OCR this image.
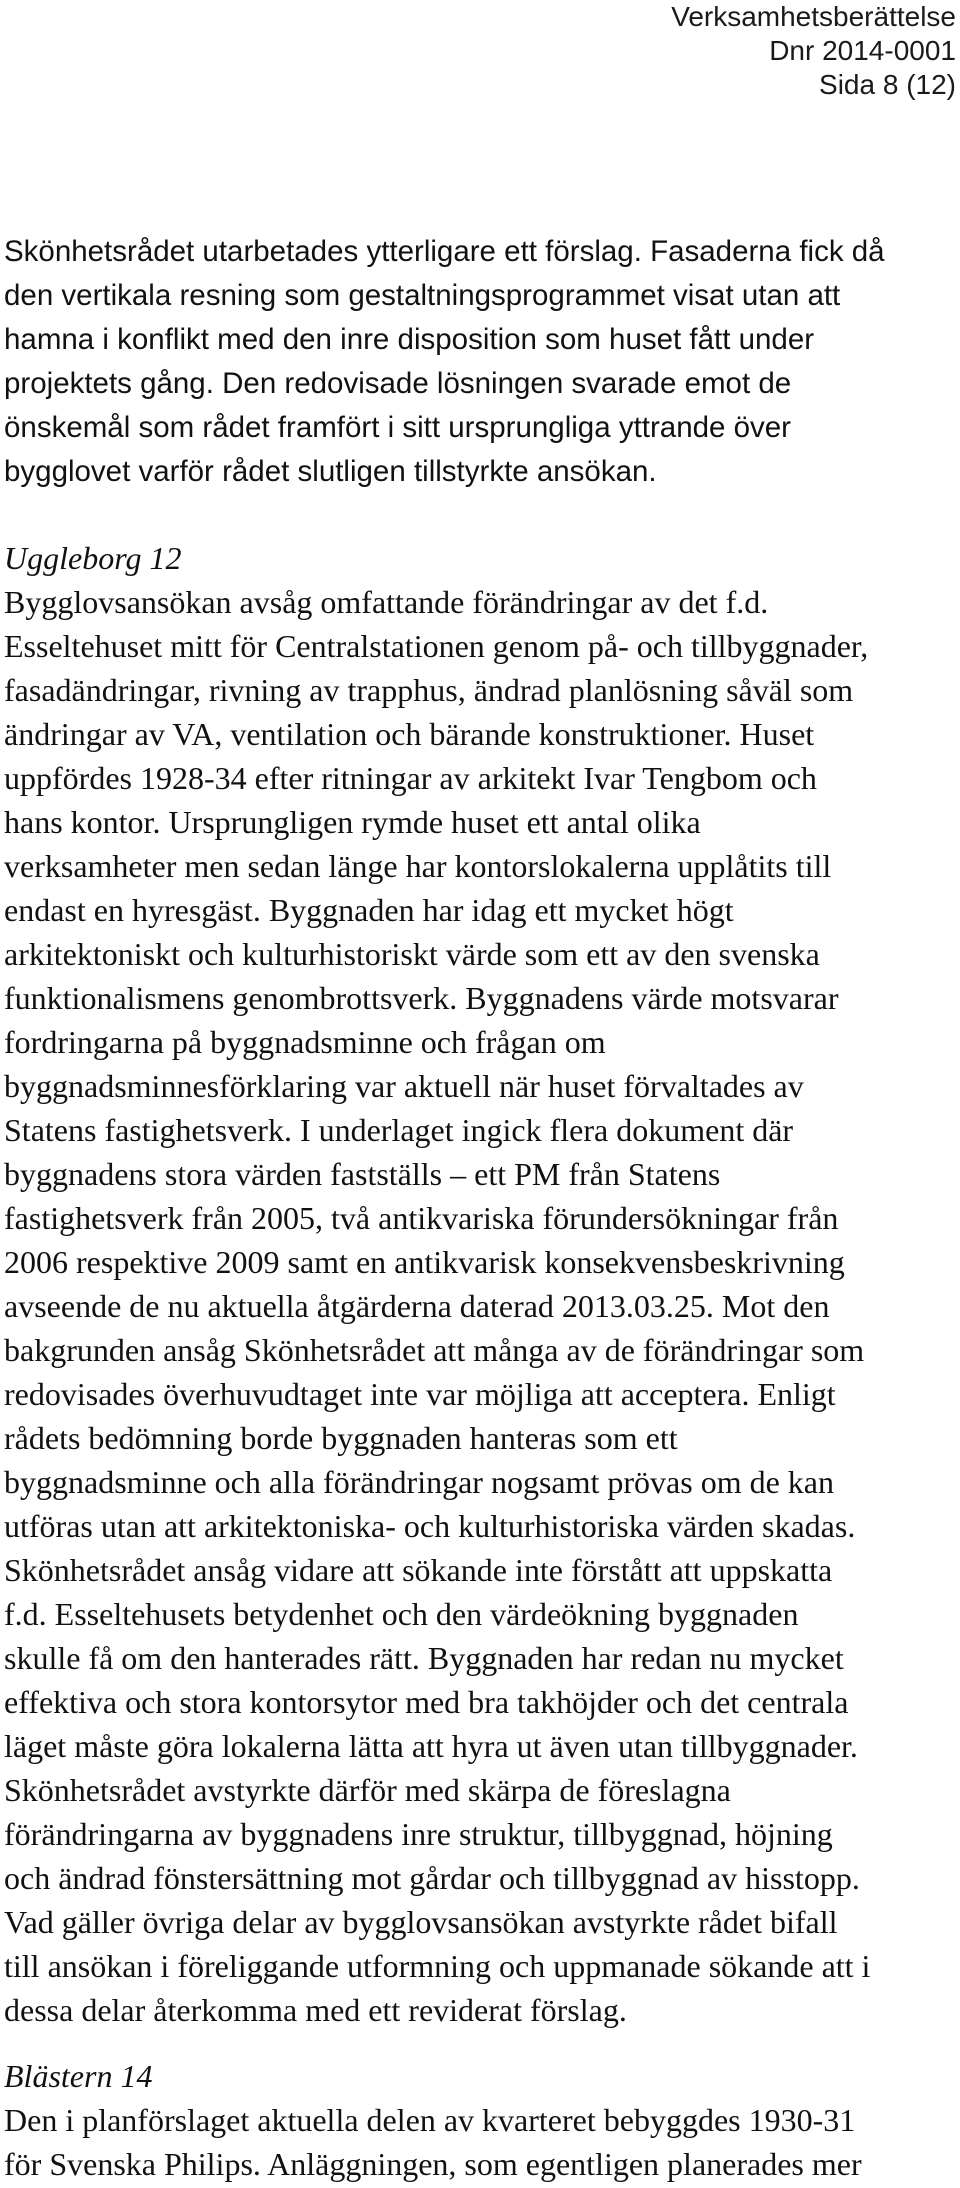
Verksamhetsberättelse
Dnr 2014-0001
Sida 8 (12)
Skönhetsrådet utarbetades ytterligare ett förslag. Fasaderna fick då
den vertikala resning som gestaltningsprogrammet visat utan att
hamna i konflikt med den inre disposition som huset fått under
projektets gång. Den redovisade lösningen svarade emot de
önskemål som rådet framfört i sitt ursprungliga yttrande över
bygglovet varför rådet slutligen tillstyrkte ansökan.
Uggleborg 12
Bygglovsansökan avsåg omfattande förändringar av det f.d.
Esseltehuset mitt för Centralstationen genom på- och tillbyggnader,
fasadändringar, rivning av trapphus, ändrad planlösning såväl som
ändringar av VA, ventilation och bärande konstruktioner. Huset
uppfördes 1928-34 efter ritningar av arkitekt Ivar Tengbom och
hans kontor. Ursprungligen rymde huset ett antal olika
verksamheter men sedan länge har kontorslokalerna upplåtits till
endast en hyresgäst. Byggnaden har idag ett mycket högt
arkitektoniskt och kulturhistoriskt värde som ett av den svenska
funktionalismens genombrottsverk. Byggnadens värde motsvarar
fordringarna på byggnadsminne och frågan om
byggnadsminnesförklaring var aktuell när huset förvaltades av
Statens fastighetsverk. I underlaget ingick flera dokument där
byggnadens stora värden fastställs – ett PM från Statens
fastighetsverk från 2005, två antikvariska förundersökningar från
2006 respektive 2009 samt en antikvarisk konsekvensbeskrivning
avseende de nu aktuella åtgärderna daterad 2013.03.25. Mot den
bakgrunden ansåg Skönhetsrådet att många av de förändringar som
redovisades överhuvudtaget inte var möjliga att acceptera. Enligt
rådets bedömning borde byggnaden hanteras som ett
byggnadsminne och alla förändringar nogsamt prövas om de kan
utföras utan att arkitektoniska- och kulturhistoriska värden skadas.
Skönhetsrådet ansåg vidare att sökande inte förstått att uppskatta
f.d. Esseltehusets betydenhet och den värdeökning byggnaden
skulle få om den hanterades rätt. Byggnaden har redan nu mycket
effektiva och stora kontorsytor med bra takhöjder och det centrala
läget måste göra lokalerna lätta att hyra ut även utan tillbyggnader.
Skönhetsrådet avstyrkte därför med skärpa de föreslagna
förändringarna av byggnadens inre struktur, tillbyggnad, höjning
och ändrad fönstersättning mot gårdar och tillbyggnad av hisstopp.
Vad gäller övriga delar av bygglovsansökan avstyrkte rådet bifall
till ansökan i föreliggande utformning och uppmanade sökande att i
dessa delar återkomma med ett reviderat förslag.
Blästern 14
Den i planförslaget aktuella delen av kvarteret bebyggdes 1930-31
för Svenska Philips. Anläggningen, som egentligen planerades mer
